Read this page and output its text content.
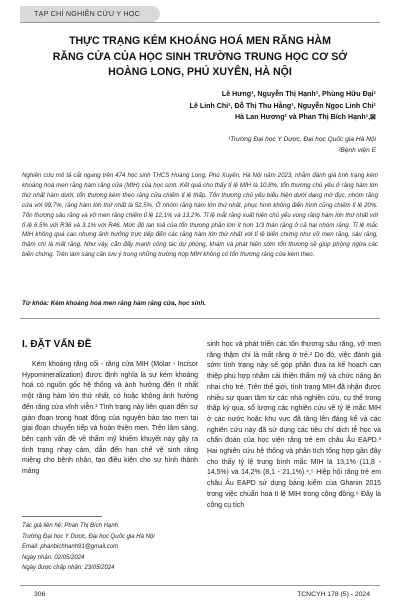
TẠP CHÍ NGHIÊN CỨU Y HỌC
THỰC TRẠNG KÉM KHOÁNG HOÁ MEN RĂNG HÀM
RĂNG CỬA CỦA HỌC SINH TRƯỜNG TRUNG HỌC CƠ SỞ
HOÀNG LONG, PHÚ XUYÊN, HÀ NỘI
Lê Hưng¹, Nguyễn Thị Hạnh¹, Phùng Hữu Đại¹
Lê Linh Chi¹, Đỗ Thị Thu Hằng¹, Nguyễn Ngọc Linh Chi¹
Hà Lan Hương² và Phan Thị Bích Hạnh¹,⊠
¹Trường Đại học Y Dược, Đại học Quốc gia Hà Nội
²Bệnh viện E
Nghiên cứu mô tả cắt ngang trên 474 học sinh THCS Hoàng Long, Phú Xuyên, Hà Nội năm 2023, nhằm đánh giá tình trạng kém khoáng hoá men răng hàm răng cửa (MIH) của học sinh. Kết quả cho thấy tỉ lệ MIH là 10,8%, tổn thương chủ yếu ở răng hàm lớn thứ nhất hàm dưới, tổn thương kém theo răng cửa chiếm tỉ lệ thấp. Tổn thương chủ yếu biểu hiện dưới dạng mờ đục, nhóm răng cửa với 99,7%, răng hàm lớn thứ nhất là 52,5%. Ở nhóm răng hàm lớn thứ nhất, phục hình không điển hình cũng chiếm tỉ lệ 20%. Tổn thương sâu răng và vỡ men răng chiếm tỉ lệ 12,1% và 13,2%. Tỉ lệ mắt răng xuất hiện chủ yếu vùng răng hàm lớn thứ nhất với tỉ lệ 6,5% với R36 và 3,1% với R46. Mức độ lan toả của tổn thương phần lớn ít hơn 1/3 thân răng ở cả hai nhóm răng. Tỉ lệ mắc MIH không quá cao nhưng ảnh hưởng trực tiếp đến các răng hàm lớn thứ nhất với tỉ lệ biến chứng như vỡ men răng, sâu răng, thậm chí là mất răng. Như vậy, cần đẩy mạnh công tác dự phòng, khám và phát hiện sớm tổn thương sẽ giúp phòng ngừa các biến chứng. Trên làm sáng cần lưu ý trong những trường hợp MIH không có tổn thương răng cửa kèm theo.
Từ khóa: Kém khoáng hoá men răng hàm răng cửa, học sinh.
I. ĐẶT VẤN ĐỀ
Kém khoáng răng cối - răng cửa MIH (Molar - Incisor Hypomineralization) được định nghĩa là sự kém khoáng hoá có nguồn gốc hệ thống và ảnh hưởng đến ít nhất một răng hàm lớn thứ nhất, có hoặc không ảnh hưởng đến răng cửa vĩnh viễn.¹ Tình trạng này liên quan đến sự gián đoạn trong hoạt động của nguyên bào tạo men tại giai đoạn chuyển tiếp và hoàn thiện men. Trên lâm sàng, bên cạnh vấn đề về thẩm mỹ khiếm khuyết này gây ra tình trạng nhạy cảm, dẫn đến hạn chế vệ sinh răng miệng cho bệnh nhân, tạo điều kiện cho sự hình thành mảng

sinh học và phát triển các tổn thương sâu răng, vỡ men răng thậm chí là mất răng ở trẻ.² Do đó, việc đánh giá sớm tình trạng này sẽ góp phần đưa ra kế hoạch can thiệp phù hợp nhằm cải thiện thẩm mỹ và chức năng ăn nhai cho trẻ. Trên thế giới, tình trạng MIH đã nhận được nhiều sự quan tâm từ các nhà nghiên cứu, cụ thể trong thập kỷ qua, số lượng các nghiên cứu về tỷ lệ mắc MIH ở các nước hoặc khu vực đã tăng lên đáng kể và các nghiên cứu này đã sử dụng các tiêu chí dịch tễ học và chẩn đoán của học viện răng trẻ em châu Âu EAPD.³ Hai nghiên cứu hệ thống và phân tích tổng hợp gần đây cho thấy tỷ lệ trung bình mắc MIH là 13,1% (11,8 - 14,5%) và 14,2% (8,1 - 21,1%).⁴,⁵ Hiệp hội răng trẻ em châu Âu EAPD sử dụng bảng kiểm của Ghanin 2015 trong việc chuẩn hoá tỉ lệ MIH trong cộng đồng.⁶ Đây là công cụ tích

Tác giả liên hệ: Phan Thị Bích Hạnh
Trường Đại học Y Dược, Đại học Quốc gia Hà Nội
Email: phanbichhanh91@gmail.com
Ngày nhận: 02/05/2024
Ngày được chấp nhận: 23/05/2024
306	TCNCYH 178 (5) - 2024
